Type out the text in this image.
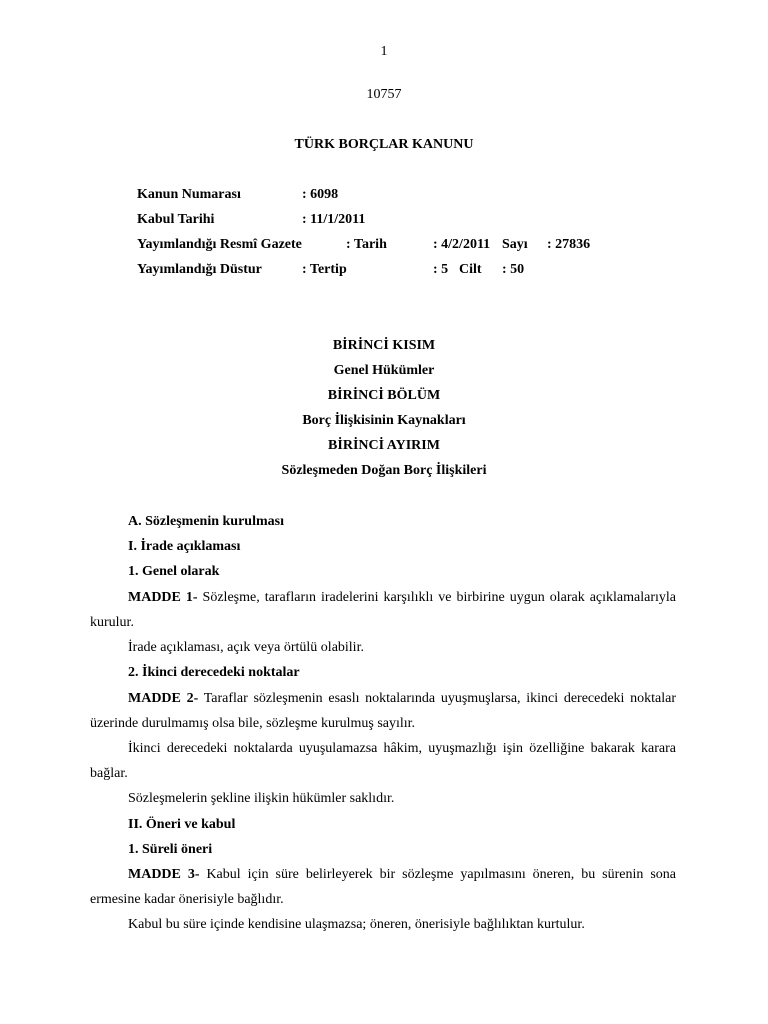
1
10757
TÜRK BORÇLAR KANUNU
Kanun Numarası	: 6098
Kabul Tarihi	: 11/1/2011
Yayımlandığı Resmî Gazete	: Tarih	: 4/2/2011 Sayı : 27836
Yayımlandığı Düstur	: Tertip	: 5 Cilt : 50
BİRİNCİ KISIM
Genel Hükümler
BİRİNCİ BÖLÜM
Borç İlişkisinin Kaynakları
BİRİNCİ AYIRIM
Sözleşmeden Doğan Borç İlişkileri
A. Sözleşmenin kurulması
I. İrade açıklaması
1. Genel olarak
MADDE 1- Sözleşme, tarafların iradelerini karşılıklı ve birbirine uygun olarak açıklamalarıyla kurulur.
İrade açıklaması, açık veya örtülü olabilir.
2. İkinci derecedeki noktalar
MADDE 2- Taraflar sözleşmenin esaslı noktalarında uyuşmuşlarsa, ikinci derecedeki noktalar üzerinde durulmamış olsa bile, sözleşme kurulmuş sayılır.
İkinci derecedeki noktalarda uyuşulamazsa hâkim, uyuşmazlığı işin özelliğine bakarak karara bağlar.
Sözleşmelerin şekline ilişkin hükümler saklıdır.
II. Öneri ve kabul
1. Süreli öneri
MADDE 3- Kabul için süre belirleyerek bir sözleşme yapılmasını öneren, bu sürenin sona ermesine kadar önerisiyle bağlıdır.
Kabul bu süre içinde kendisine ulaşmazsa; öneren, önerisiyle bağlılıktan kurtulur.
